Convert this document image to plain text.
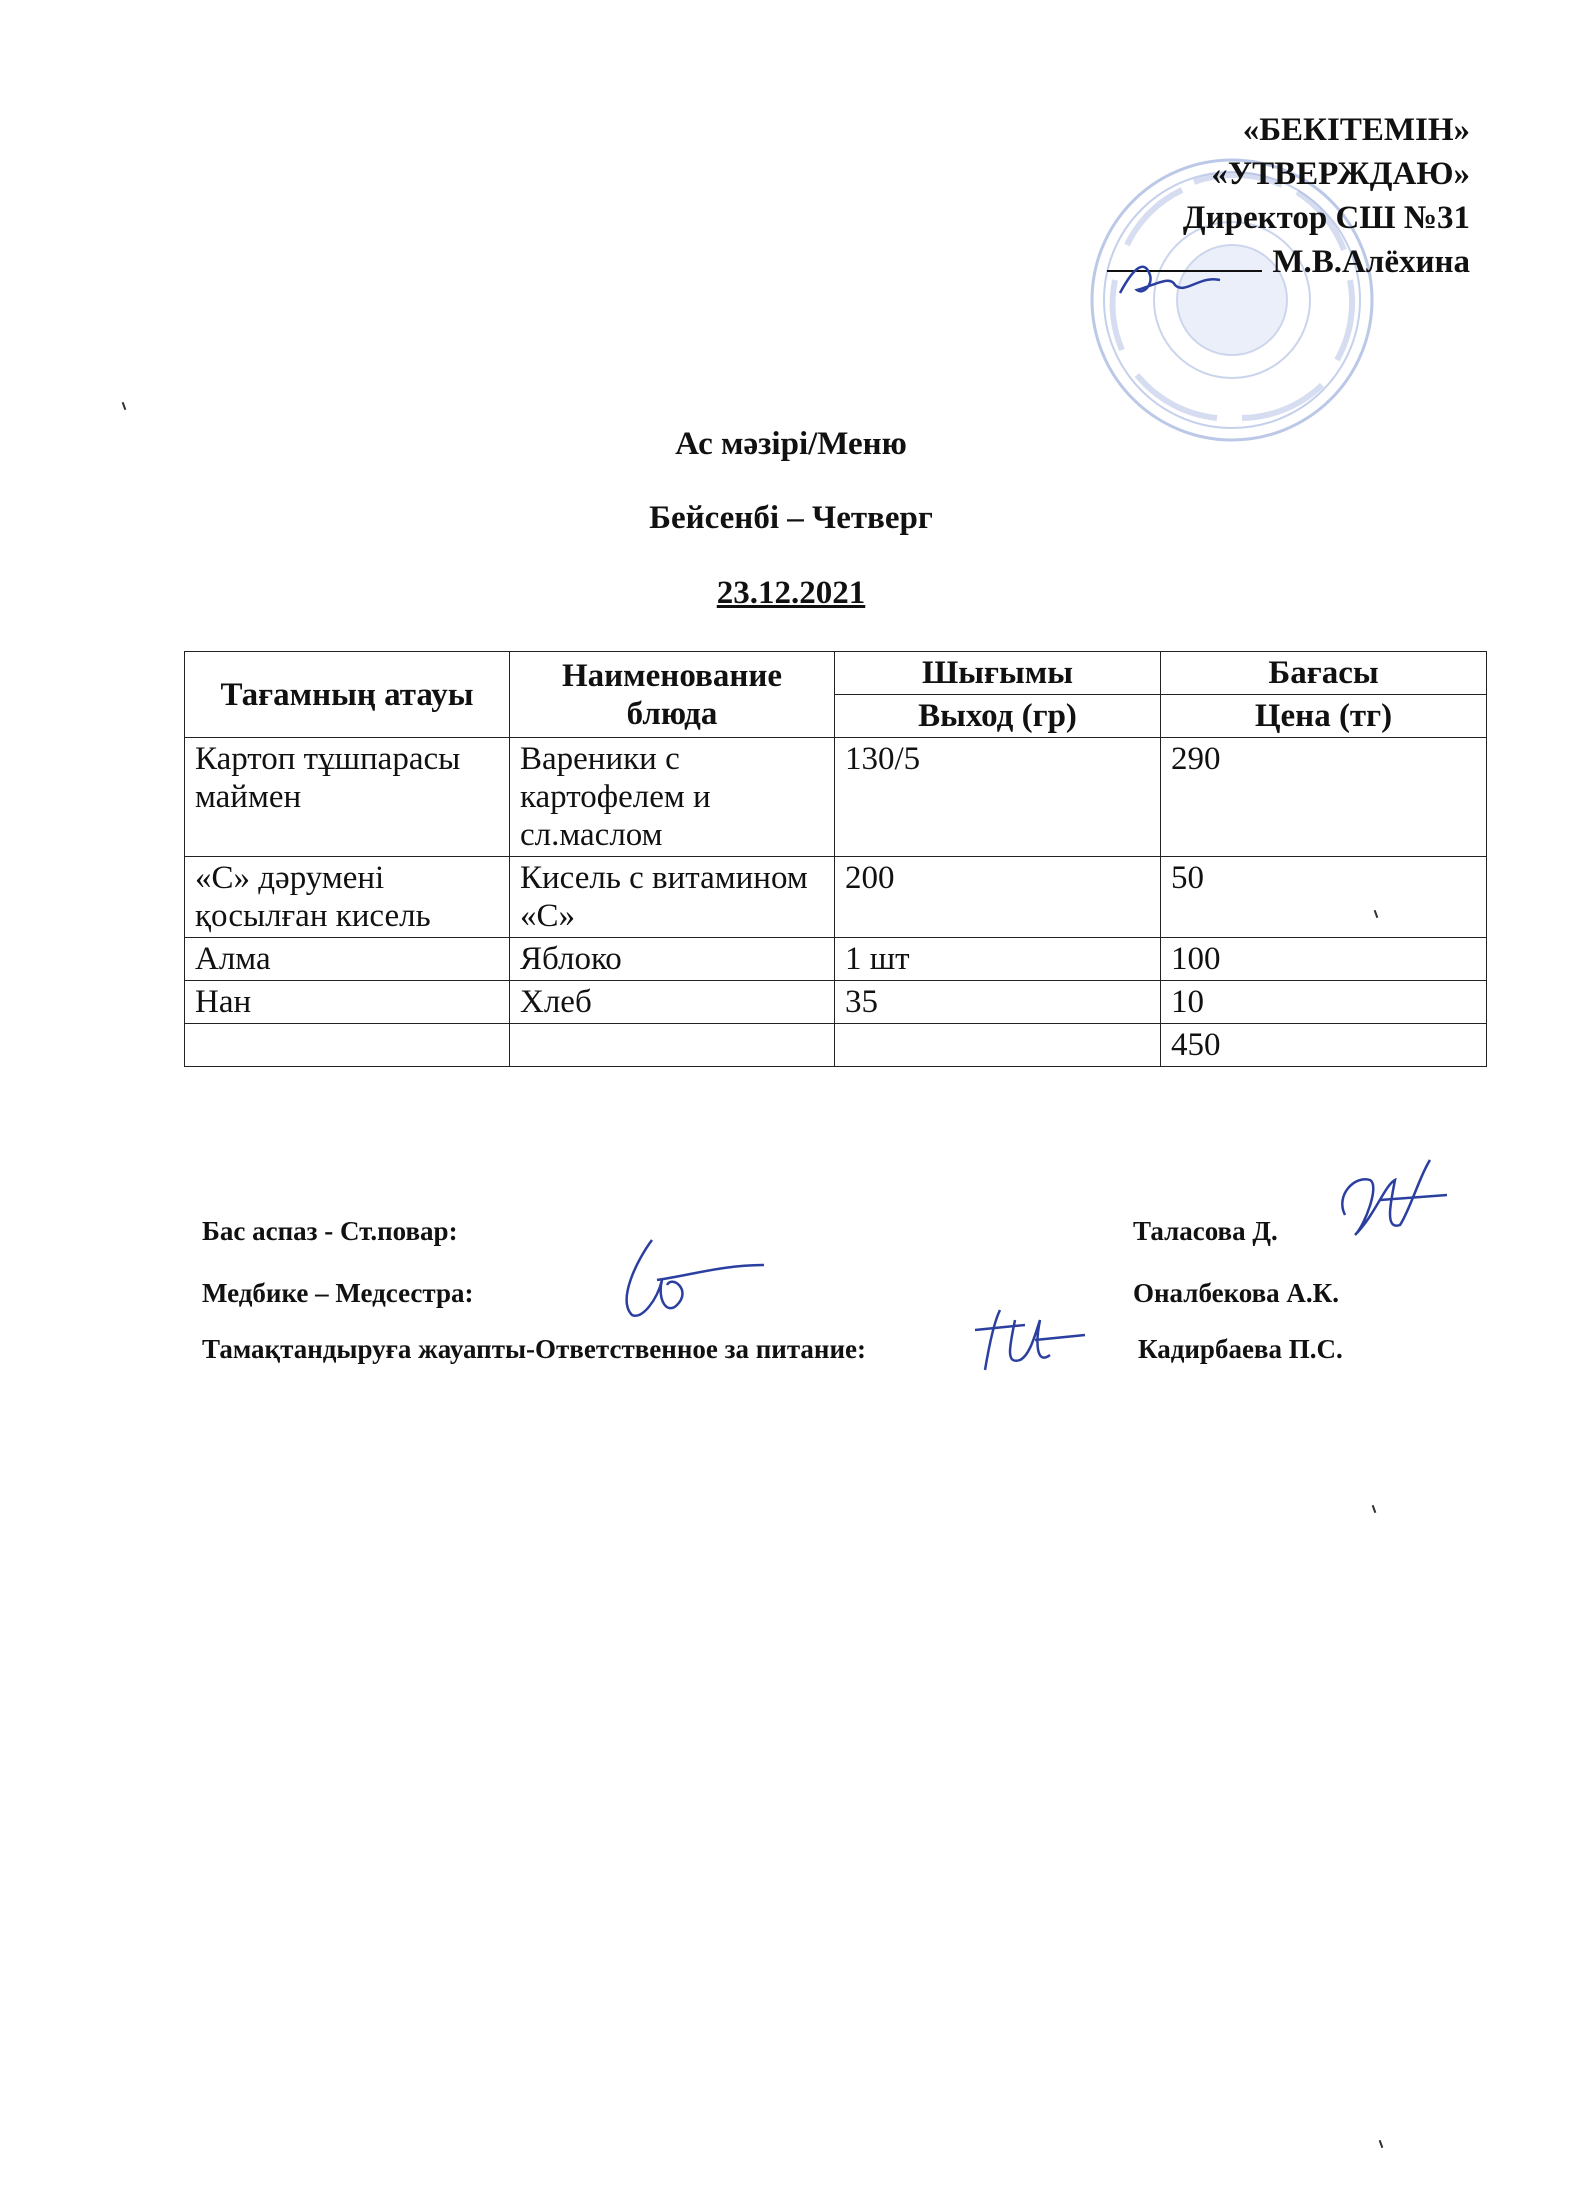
«БЕКІТЕМІН»
«УТВЕРЖДАЮ»
Директор СШ №31
М.В.Алёхина
Ас мәзірі/Меню
Бейсенбі – Четверг
23.12.2021
Тағамның атауы	Наименование блюда	Шығымы	Бағасы
		Выход (гр)	Цена (тг)
Картоп тұшпарасы маймен	Вареники с картофелем и сл.маслом	130/5	290
«С» дәрумені қосылған кисель	Кисель с витамином «С»	200	50
Алма	Яблоко	1 шт	100
Нан	Хлеб	35	10
			450
Бас аспаз - Ст.повар:	Таласова Д.
Медбике – Медсестра:	Оналбекова А.К.
Тамақтандыруға жауапты-Ответственное за питание:	Кадирбаева П.С.
